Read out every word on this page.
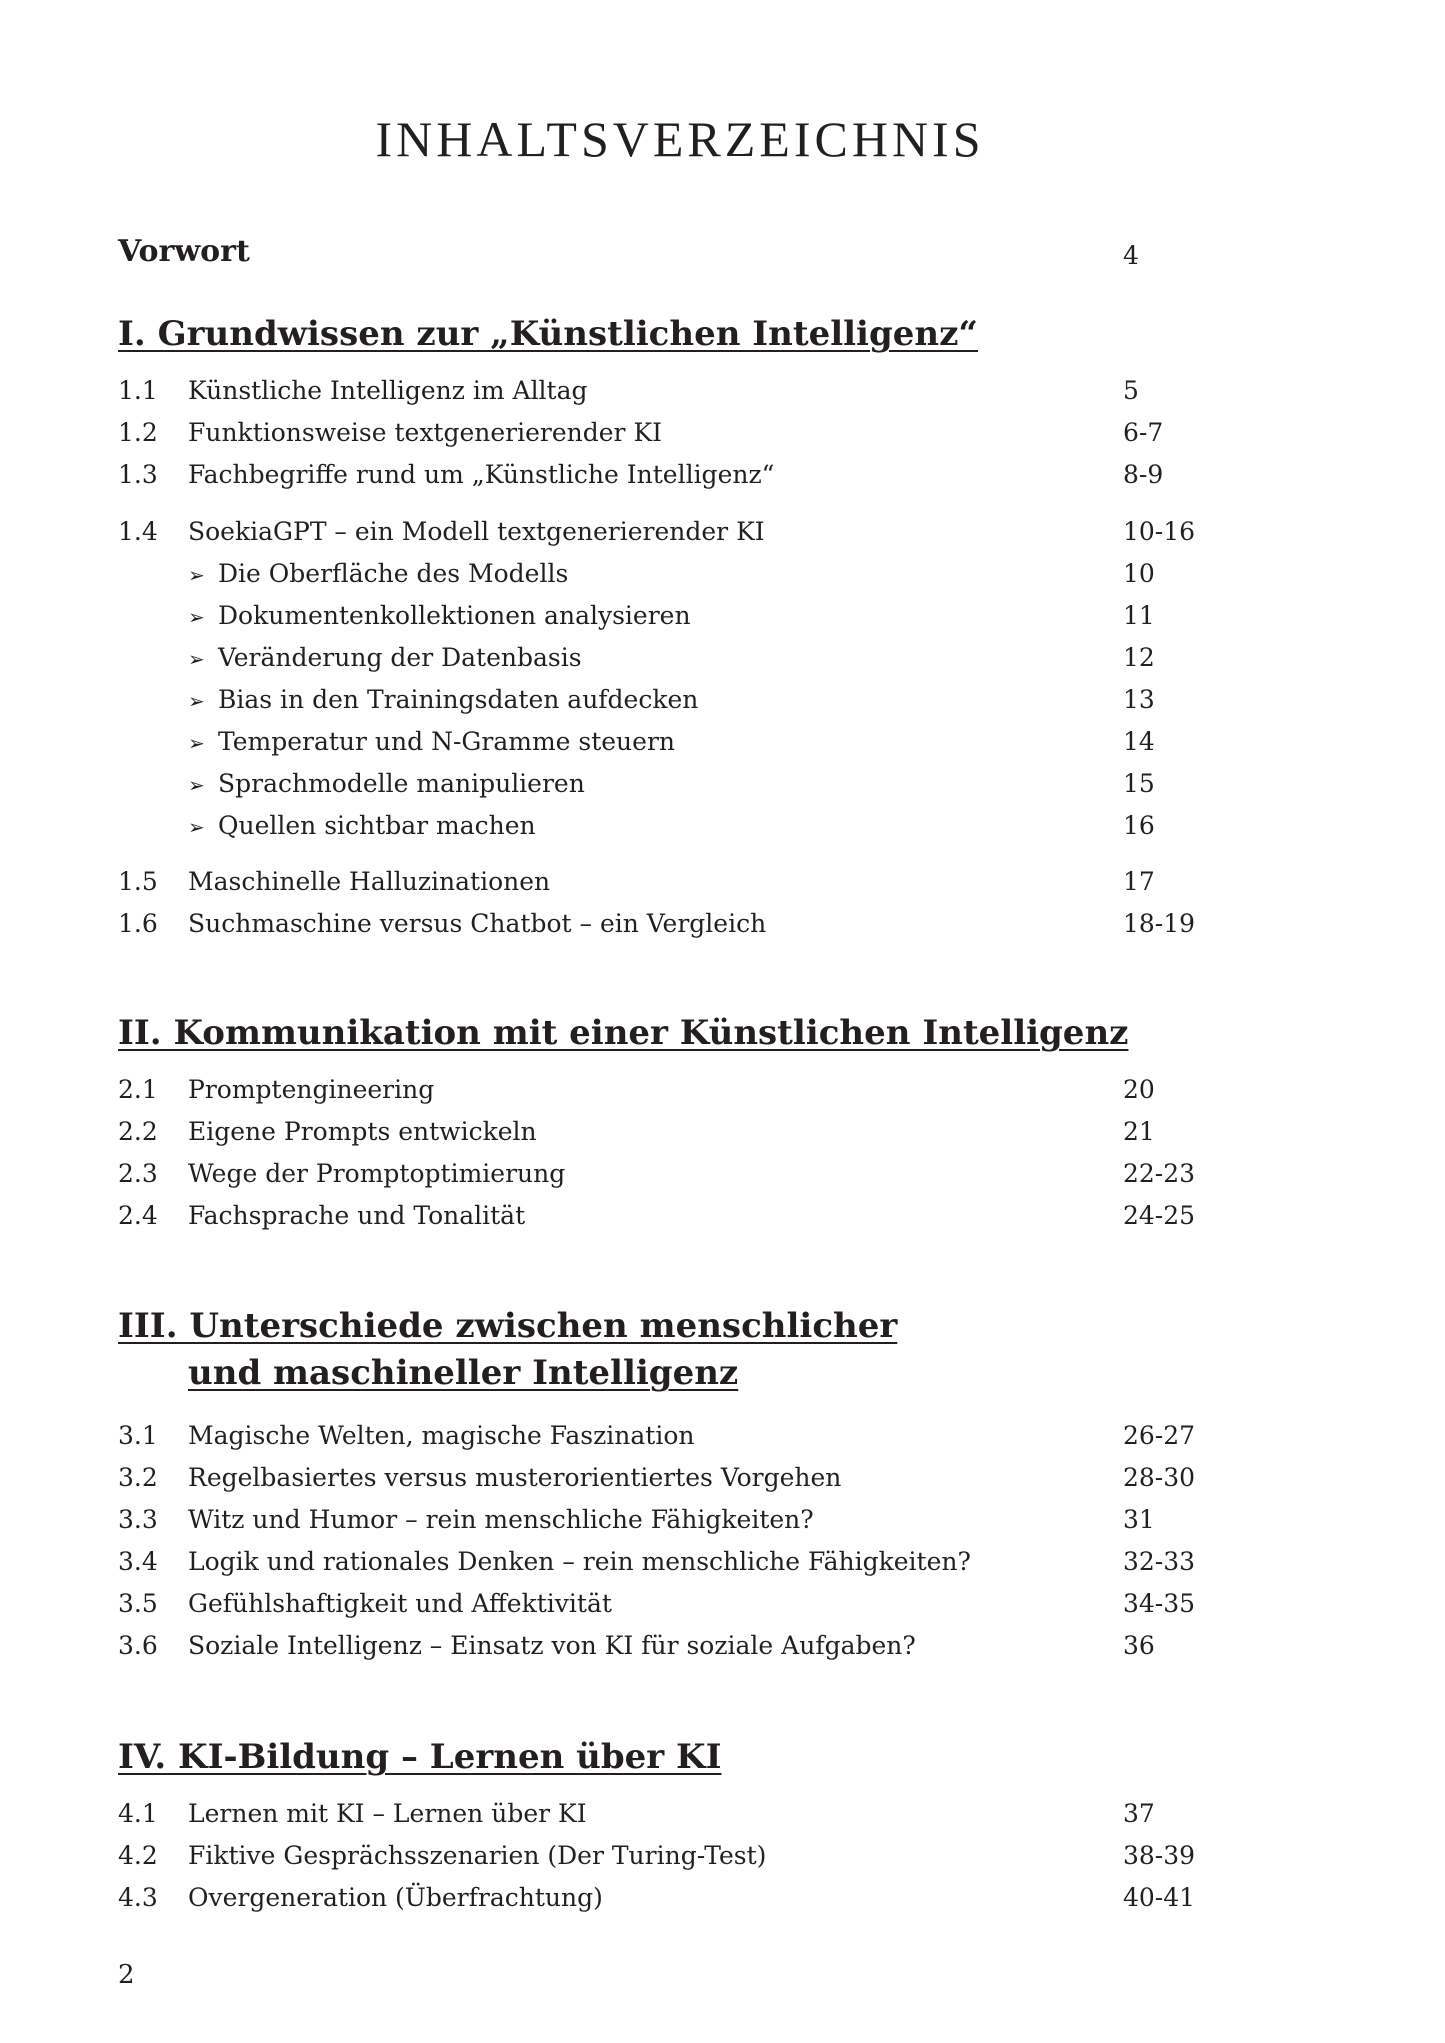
INHALTSVERZEICHNIS
Vorwort	4
I. Grundwissen zur „Künstlichen Intelligenz“
1.1 Künstliche Intelligenz im Alltag	5
1.2 Funktionsweise textgenerierender KI	6-7
1.3 Fachbegriffe rund um „Künstliche Intelligenz“	8-9
1.4 SoekiaGPT – ein Modell textgenerierender KI	10-16
➢ Die Oberfläche des Modells	10
➢ Dokumentenkollektionen analysieren	11
➢ Veränderung der Datenbasis	12
➢ Bias in den Trainingsdaten aufdecken	13
➢ Temperatur und N-Gramme steuern	14
➢ Sprachmodelle manipulieren	15
➢ Quellen sichtbar machen	16
1.5 Maschinelle Halluzinationen	17
1.6 Suchmaschine versus Chatbot – ein Vergleich	18-19
II. Kommunikation mit einer Künstlichen Intelligenz
2.1 Promptengineering	20
2.2 Eigene Prompts entwickeln	21
2.3 Wege der Promptoptimierung	22-23
2.4 Fachsprache und Tonalität	24-25
III. Unterschiede zwischen menschlicher
und maschineller Intelligenz
3.1 Magische Welten, magische Faszination	26-27
3.2 Regelbasiertes versus musterorientiertes Vorgehen	28-30
3.3 Witz und Humor – rein menschliche Fähigkeiten?	31
3.4 Logik und rationales Denken – rein menschliche Fähigkeiten?	32-33
3.5 Gefühlshaftigkeit und Affektivität	34-35
3.6 Soziale Intelligenz – Einsatz von KI für soziale Aufgaben?	36
IV. KI-Bildung – Lernen über KI
4.1 Lernen mit KI – Lernen über KI	37
4.2 Fiktive Gesprächsszenarien (Der Turing-Test)	38-39
4.3 Overgeneration (Überfrachtung)	40-41
2
